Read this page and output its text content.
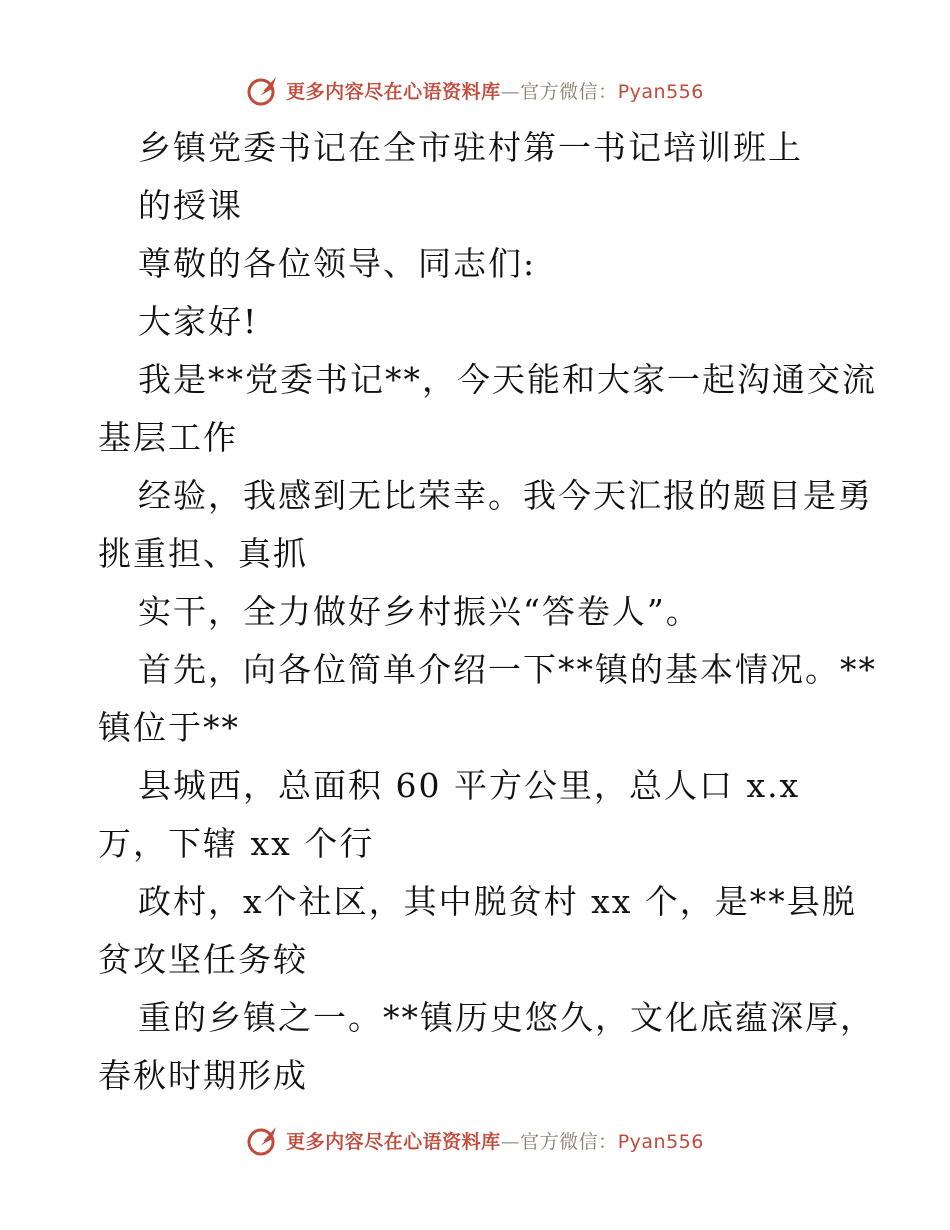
更多内容尽在心语资料库—官方微信：Pyan556
乡镇党委书记在全市驻村第一书记培训班上
的授课
尊敬的各位领导、同志们:
大家好!
我是**党委书记**，今天能和大家一起沟通交流
基层工作
经验，我感到无比荣幸。我今天汇报的题目是勇
挑重担、真抓
实干，全力做好乡村振兴“答卷人”。
首先，向各位简单介绍一下**镇的基本情况。**
镇位于**
县城西，总面积 60 平方公里，总人口 x.x
万，下辖 xx 个行
政村，x个社区，其中脱贫村 xx 个，是**县脱
贫攻坚任务较
重的乡镇之一。**镇历史悠久，文化底蕴深厚，
春秋时期形成
更多内容尽在心语资料库—官方微信：Pyan556
